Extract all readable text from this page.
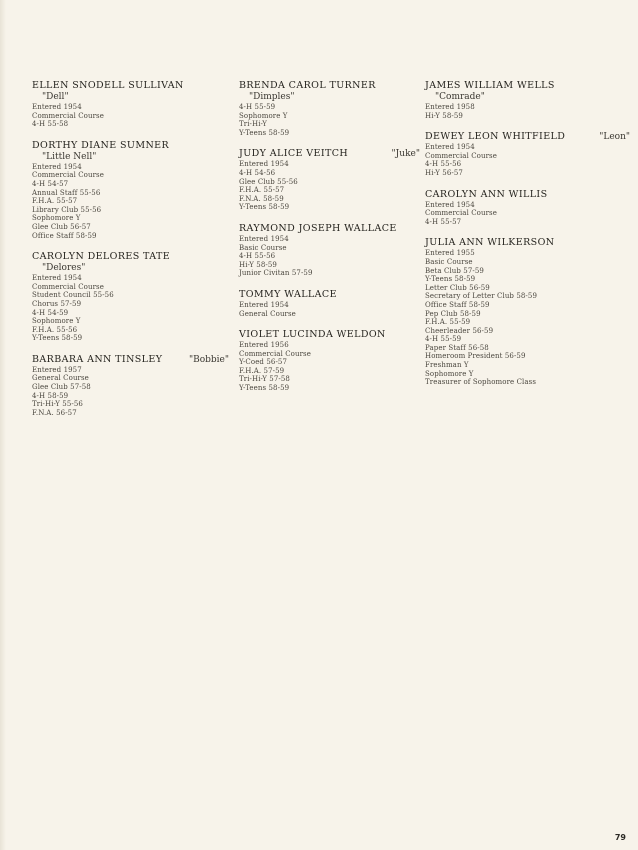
ELLEN SNODELL SULLIVAN
"Dell"
Entered 1954
Commercial Course
4-H 55-58
DORTHY DIANE SUMNER
"Little Nell"
Entered 1954
Commercial Course
4-H 54-57
Annual Staff 55-56
F.H.A. 55-57
Library Club 55-56
Sophomore Y
Glee Club 56-57
Office Staff 58-59
CAROLYN DELORES TATE
"Delores"
Entered 1954
Commercial Course
Student Council 55-56
Chorus 57-59
4-H 54-59
Sophomore Y
F.H.A. 55-56
Y-Teens 58-59
BARBARA ANN TINSLEY	"Bobbie"
Entered 1957
General Course
Glee Club 57-58
4-H 58-59
Tri-Hi-Y 55-56
F.N.A. 56-57
BRENDA CAROL TURNER
"Dimples"
4-H 55-59
Sophomore Y
Tri-Hi-Y
Y-Teens 58-59
JUDY ALICE VEITCH	"Juke"
Entered 1954
4-H 54-56
Glee Club 55-56
F.H.A. 55-57
F.N.A. 58-59
Y-Teens 58-59
RAYMOND JOSEPH WALLACE
Entered 1954
Basic Course
4-H 55-56
Hi-Y 58-59
Junior Civitan 57-59
TOMMY WALLACE
Entered 1954
General Course
VIOLET LUCINDA WELDON
Entered 1956
Commercial Course
Y-Coed 56-57
F.H.A. 57-59
Tri-Hi-Y 57-58
Y-Teens 58-59
JAMES WILLIAM WELLS
"Comrade"
Entered 1958
Hi-Y 58-59
DEWEY LEON WHITFIELD	"Leon"
Entered 1954
Commercial Course
4-H 55-56
Hi-Y 56-57
CAROLYN ANN WILLIS
Entered 1954
Commercial Course
4-H 55-57
JULIA ANN WILKERSON
Entered 1955
Basic Course
Beta Club 57-59
Y-Teens 58-59
Letter Club 56-59
Secretary of Letter Club 58-59
Office Staff 58-59
Pep Club 58-59
F.H.A. 55-59
Cheerleader 56-59
4-H 55-59
Paper Staff 56-58
Homeroom President 56-59
Freshman Y
Sophomore Y
Treasurer of Sophomore Class
79
